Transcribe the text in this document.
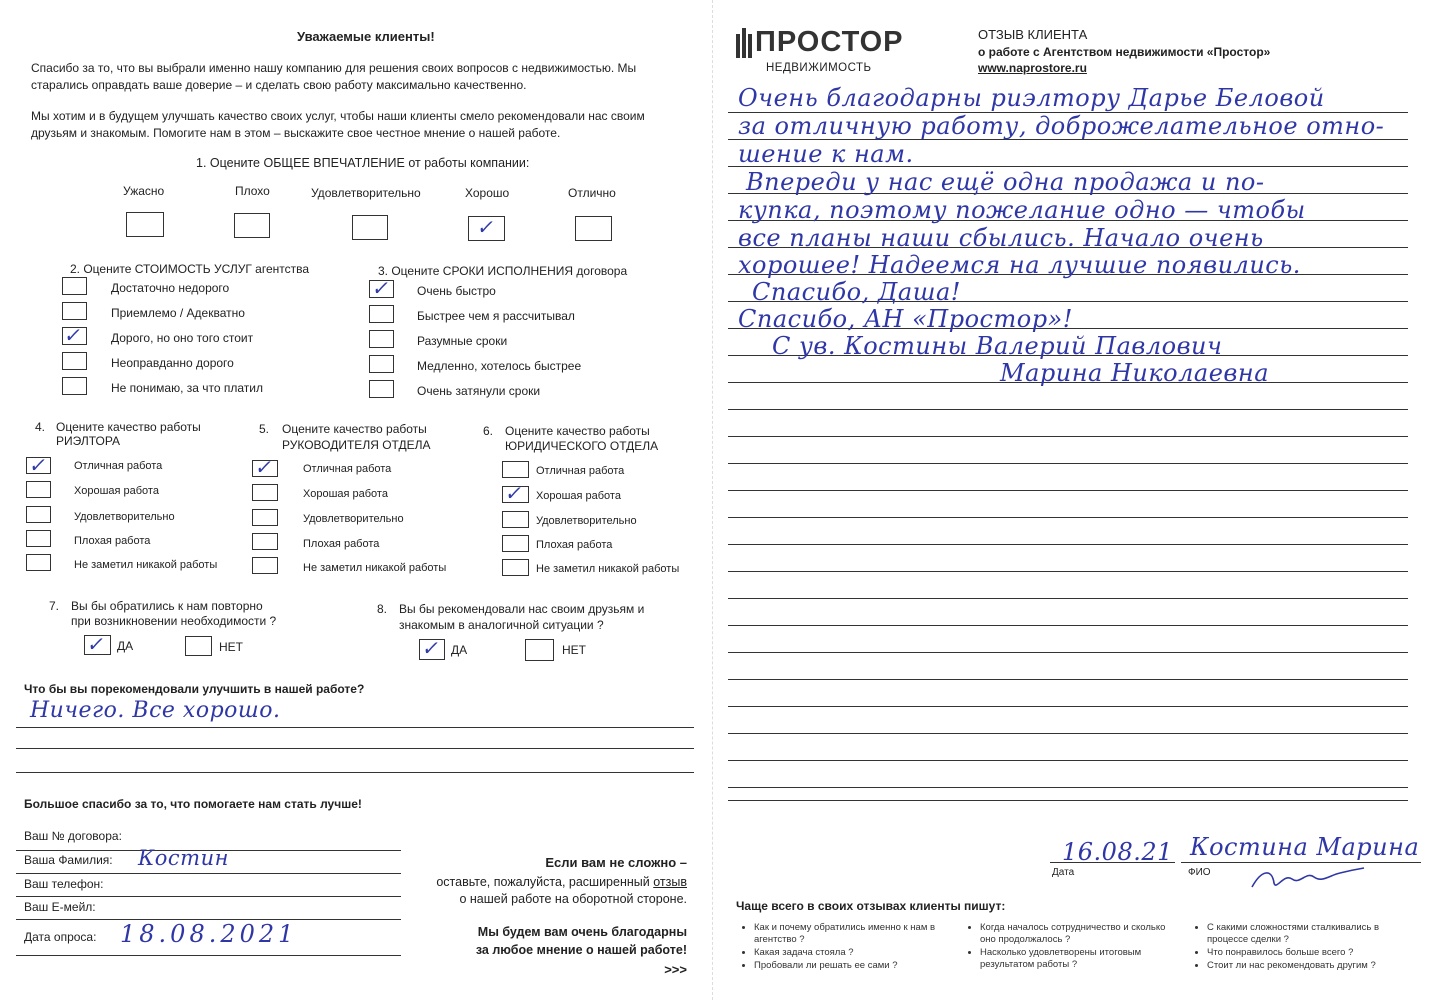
Уважаемые клиенты!
Спасибо за то, что вы выбрали именно нашу компанию для решения своих вопросов с недвижимостью. Мы старались оправдать ваше доверие – и сделать свою работу максимально качественно.
Мы хотим и в будущем улучшать качество своих услуг, чтобы наши клиенты смело рекомендовали нас своим друзьям и знакомым. Помогите нам в этом – выскажите свое честное мнение о нашей работе.
1. Оцените ОБЩЕЕ ВПЕЧАТЛЕНИЕ от работы компании:
Ужасно	Плохо	Удовлетворительно	Хорошо
✓
Отлично
2. Оцените СТОИМОСТЬ УСЛУГ агентства
Достаточно недорого
Приемлемо / Адекватно
✓ Дорого, но оно того стоит
Неоправданно дорого
Не понимаю, за что платил
3. Оцените СРОКИ ИСПОЛНЕНИЯ договора
✓ Очень быстро
Быстрее чем я рассчитывал
Разумные сроки
Медленно, хотелось быстрее
Очень затянули сроки
4. Оцените качество работы
РИЭЛТОРА
✓ Отличная работа
Хорошая работа
Удовлетворительно
Плохая работа
Не заметил никакой работы
5. Оцените качество работы
РУКОВОДИТЕЛЯ ОТДЕЛА
✓	Отличная работа
Хорошая работа
Удовлетворительно
Плохая работа
Не заметил никакой работы
6. Оцените качество работы
ЮРИДИЧЕСКОГО ОТДЕЛА
Отличная работа
✓ Хорошая работа
Удовлетворительно
Плохая работа
Не заметил никакой работы
7. Вы бы обратились к нам повторно
при возникновении необходимости ?
✓ ДА	НЕТ
8. Вы бы рекомендовали нас своим друзьям и
знакомым в аналогичной ситуации ?
✓ ДА	НЕТ
Что бы вы порекомендовали улучшить в нашей работе?
Ничего. Все хорошо.
Большое спасибо за то, что помогаете нам стать лучше!
Ваш № договора:
Ваша Фамилия: Костин
Ваш телефон:
Ваш Е-мейл:
Дата опроса: 18.08.2021
Если вам не сложно –
оставьте, пожалуйста, расширенный отзыв
о нашей работе на оборотной стороне.
Мы будем вам очень благодарны
за любое мнение о нашей работе!
>>>
ПРОСТОР
НЕДВИЖИМОСТЬ
ОТЗЫВ КЛИЕНТА
о работе с Агентством недвижимости «Простор»
www.naprostore.ru
Очень благодарны риэлтору Дарье Беловой
за отличную работу, доброжелательное отно-
шение к нам.
Впереди у нас ещё одна продажа и по-
купка, поэтому пожелание одно — чтобы
все планы наши сбылись. Начало очень
хорошее! Надеемся на лучшие появились.
Спасибо, Даша!
Спасибо, АН «Простор»!
С ув. Костины Валерий Павлович
Марина Николаевна
16.08.21 Костина Марина
Дата	ФИО
Чаще всего в своих отзывах клиенты пишут:
• Как и почему обратились именно к нам в агентство ?
• Какая задача стояла ?
• Пробовали ли решать ее сами ?
• Когда началось сотрудничество и сколько оно продолжалось ?
• Насколько удовлетворены итоговым результатом работы ?
• С какими сложностями сталкивались в процессе сделки ?
• Что понравилось больше всего ?
• Стоит ли нас рекомендовать другим ?
